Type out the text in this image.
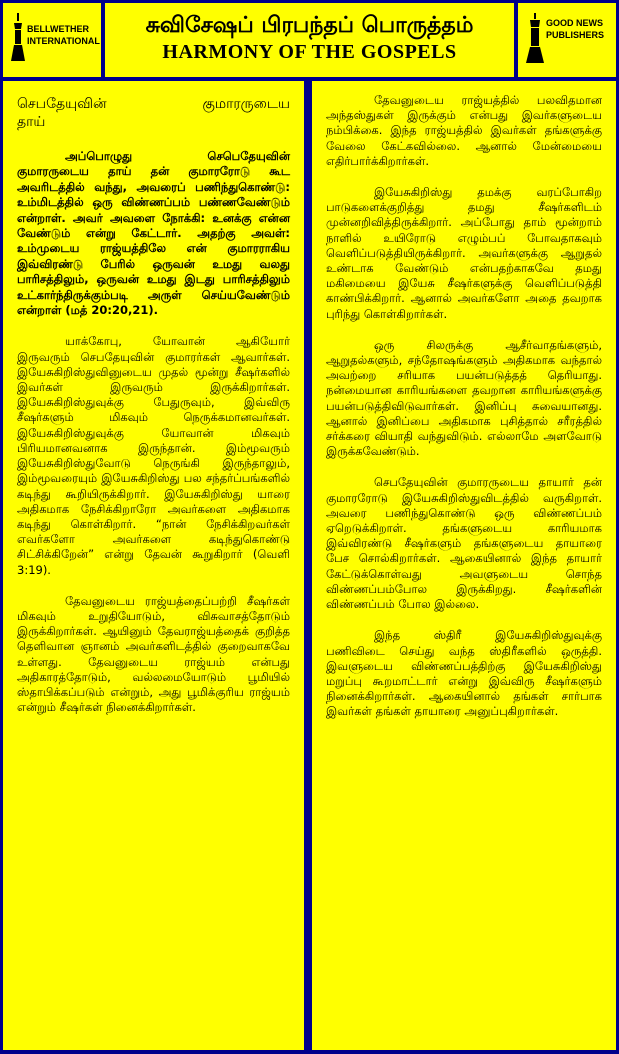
BELLWETHER
INTERNATIONAL
சுவிசேஷப் பிரபந்தப் பொருத்தம்
HARMONY OF THE GOSPELS
GOOD NEWS
PUBLISHERS
செபதேயுவின் குமாரருடைய
தாய்

அப்பொழுது செபெதேயுவின் குமாரருடைய தாய் தன் குமாரரோடு கூட அவரிடத்தில் வந்து, அவரைப் பணிந்துகொண்டு: உம்மிடத்தில் ஒரு விண்ணப்பம் பண்ணவேண்டும் என்றாள். அவர் அவளை நோக்கி: உனக்கு என்ன வேண்டும் என்று கேட்டார். அதற்கு அவள்: உம்முடைய ராஜ்யத்திலே என் குமாரராகிய இவ்விரண்டு பேரில் ஒருவன் உமது வலது பாரிசத்திலும், ஒருவன் உமது இடது பாரிசத்திலும் உட்கார்ந்திருக்கும்படி அருள் செய்யவேண்டும் என்றாள் (மத் 20:20,21).

யாக்கோபு, யோவான் ஆகியோர் இருவரும் செபதேயுவின் குமாரர்கள் ஆவார்கள். இயேசுகிறிஸ்துவினுடைய முதல் மூன்று சீஷர்களில் இவர்கள் இருவரும் இருக்கிறார்கள். இயேசுகிறிஸ்துவுக்கு பேதுருவும், இவ்விரு சீஷர்களும் மிகவும் நெருக்கமானவர்கள். இயேசுகிறிஸ்துவுக்கு யோவான் மிகவும் பிரியமானவனாக இருந்தான். இம்மூவரும் இயேசுகிறிஸ்துவோடு நெருங்கி இருந்தாலும், இம்மூவரையும் இயேசுகிறிஸ்து பல சந்தர்ப்பங்களில் கடிந்து கூறியிருக்கிறார். இயேசுகிறிஸ்து யாரை அதிகமாக நேசிக்கிறாரோ அவர்களை அதிகமாக கடிந்து கொள்கிறார். “நான் நேசிக்கிறவர்கள் எவர்களோ அவர்களை கடிந்துகொண்டு சிட்சிக்கிறேன்” என்று தேவன் கூறுகிறார் (வெளி 3:19).

தேவனுடைய ராஜ்யத்தைப்பற்றி சீஷர்கள் மிகவும் உறுதியோடும், விசுவாசத்தோடும் இருக்கிறார்கள். ஆயினும் தேவராஜ்யத்தைக் குறித்த தெளிவான ஞானம் அவர்களிடத்தில் குறைவாகவே உள்ளது. தேவனுடைய ராஜ்யம் என்பது அதிகாரத்தோடும், வல்லமையோடும் பூமியில் ஸ்தாபிக்கப்படும் என்றும், அது பூமிக்குரிய ராஜ்யம் என்றும் சீஷர்கள் நினைக்கிறார்கள்.

தேவனுடைய ராஜ்யத்தில் பலவிதமான அந்தஸ்துகள் இருக்கும் என்பது இவர்களுடைய நம்பிக்கை. இந்த ராஜ்யத்தில் இவர்கள் தங்களுக்கு வேலை கேட்கவில்லை. ஆனால் மேன்மையை எதிர்பார்க்கிறார்கள்.

இயேசுகிறிஸ்து தமக்கு வரப்போகிற பாடுகளைக்குறித்து தமது சீஷர்களிடம் முன்னறிவித்திருக்கிறார். அப்போது தாம் மூன்றாம் நாளில் உயிரோடு எழும்பப் போவதாகவும் வெளிப்படுத்தியிருக்கிறார். அவர்களுக்கு ஆறுதல் உண்டாக வேண்டும் என்பதற்காகவே தமது மகிமையை இயேசு சீஷர்களுக்கு வெளிப்படுத்தி காண்பிக்கிறார். ஆனால் அவர்களோ அதை தவறாக புரிந்து கொள்கிறார்கள்.

ஒரு சிலருக்கு ஆசீர்வாதங்களும், ஆறுதல்களும், சந்தோஷங்களும் அதிகமாக வந்தால் அவற்றை சரியாக பயன்படுத்தத் தெரியாது. நன்மையான காரியங்களை தவறான காரியங்களுக்கு பயன்படுத்திவிடுவார்கள். இனிப்பு சுவையானது. ஆனால் இனிப்பை அதிகமாக புசித்தால் சரீரத்தில் சர்க்கரை வியாதி வந்துவிடும். எல்லாமே அளவோடு இருக்கவேண்டும்.

செபதேயுவின் குமாரருடைய தாயார் தன் குமாரரோடு இயேசுகிறிஸ்துவிடத்தில் வருகிறாள். அவரை பணிந்துகொண்டு ஒரு விண்ணப்பம் ஏறெடுக்கிறாள். தங்களுடைய காரியமாக இவ்விரண்டு சீஷர்களும் தங்களுடைய தாயாரை பேச சொல்கிறார்கள். ஆகையினால் இந்த தாயார் கேட்டுக்கொள்வது அவளுடைய சொந்த விண்ணப்பம்போல இருக்கிறது. சீஷர்களின் விண்ணப்பம் போல இல்லை.

இந்த ஸ்திரீ இயேசுகிறிஸ்துவுக்கு பணிவிடை செய்து வந்த ஸ்திரீகளில் ஒருத்தி. இவளுடைய விண்ணப்பத்திற்கு இயேசுகிறிஸ்து மறுப்பு கூறமாட்டார் என்று இவ்விரு சீஷர்களும் நினைக்கிறார்கள். ஆகையினால் தங்கள் சார்பாக இவர்கள் தங்கள் தாயாரை அனுப்புகிறார்கள்.
